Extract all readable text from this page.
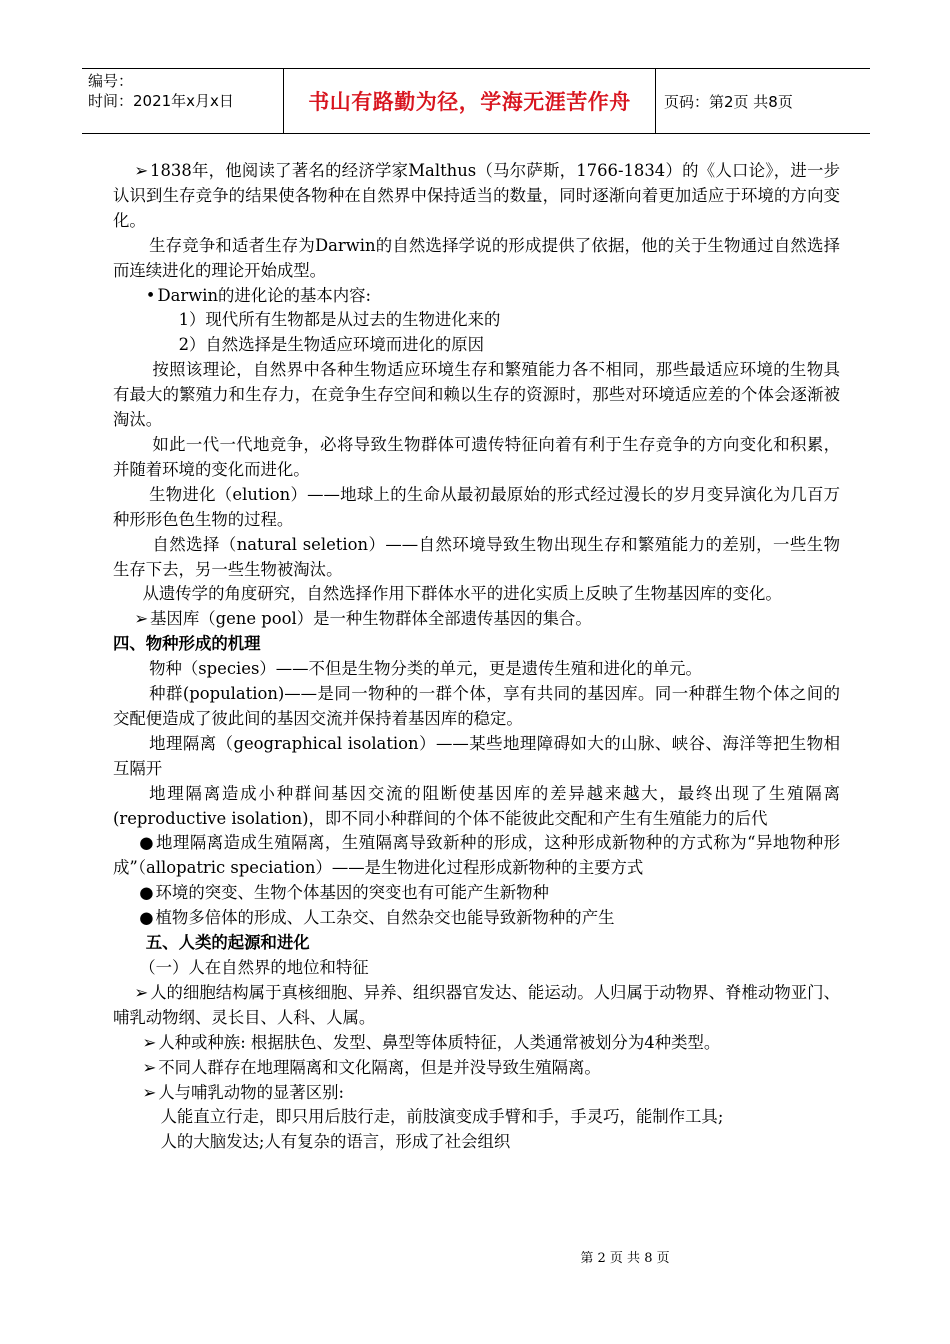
编号：
时间：2021年x月x日	书山有路勤为径，学海无涯苦作舟	页码：第2页 共8页

➢ 1838年，他阅读了著名的经济学家Malthus（马尔萨斯，1766-1834）的《人口论》，进一步认识到生存竞争的结果使各物种在自然界中保持适当的数量，同时逐渐向着更加适应于环境的方向变化。

生存竞争和适者生存为Darwin的自然选择学说的形成提供了依据，他的关于生物通过自然选择而连续进化的理论开始成型。

• Darwin的进化论的基本内容:

1）现代所有生物都是从过去的生物进化来的

2）自然选择是生物适应环境而进化的原因

按照该理论，自然界中各种生物适应环境生存和繁殖能力各不相同，那些最适应环境的生物具有最大的繁殖力和生存力，在竞争生存空间和赖以生存的资源时，那些对环境适应差的个体会逐渐被淘汰。

如此一代一代地竞争，必将导致生物群体可遗传特征向着有利于生存竞争的方向变化和积累，并随着环境的变化而进化。

生物进化（elution）——地球上的生命从最初最原始的形式经过漫长的岁月变异演化为几百万种形形色色生物的过程。

自然选择（natural seletion）——自然环境导致生物出现生存和繁殖能力的差别，一些生物生存下去，另一些生物被淘汰。

从遗传学的角度研究，自然选择作用下群体水平的进化实质上反映了生物基因库的变化。

➢ 基因库（gene pool）是一种生物群体全部遗传基因的集合。

四、物种形成的机理

物种（species）——不但是生物分类的单元，更是遗传生殖和进化的单元。

种群(population)——是同一物种的一群个体，享有共同的基因库。同一种群生物个体之间的交配便造成了彼此间的基因交流并保持着基因库的稳定。

地理隔离（geographical isolation）——某些地理障碍如大的山脉、峡谷、海洋等把生物相互隔开

地理隔离造成小种群间基因交流的阻断使基因库的差异越来越大，最终出现了生殖隔离(reproductive isolation)，即不同小种群间的个体不能彼此交配和产生有生殖能力的后代

● 地理隔离造成生殖隔离，生殖隔离导致新种的形成，这种形成新物种的方式称为“异地物种形成”（allopatric speciation）——是生物进化过程形成新物种的主要方式

● 环境的突变、生物个体基因的突变也有可能产生新物种

● 植物多倍体的形成、人工杂交、自然杂交也能导致新物种的产生

五、人类的起源和进化

（一）人在自然界的地位和特征

➢ 人的细胞结构属于真核细胞、异养、组织器官发达、能运动。人归属于动物界、脊椎动物亚门、哺乳动物纲、灵长目、人科、人属。

➢ 人种或种族: 根据肤色、发型、鼻型等体质特征，人类通常被划分为4种类型。

➢ 不同人群存在地理隔离和文化隔离，但是并没导致生殖隔离。

➢ 人与哺乳动物的显著区别:

人能直立行走，即只用后肢行走，前肢演变成手臂和手，手灵巧，能制作工具;

人的大脑发达;人有复杂的语言，形成了社会组织

第 2 页 共 8 页
